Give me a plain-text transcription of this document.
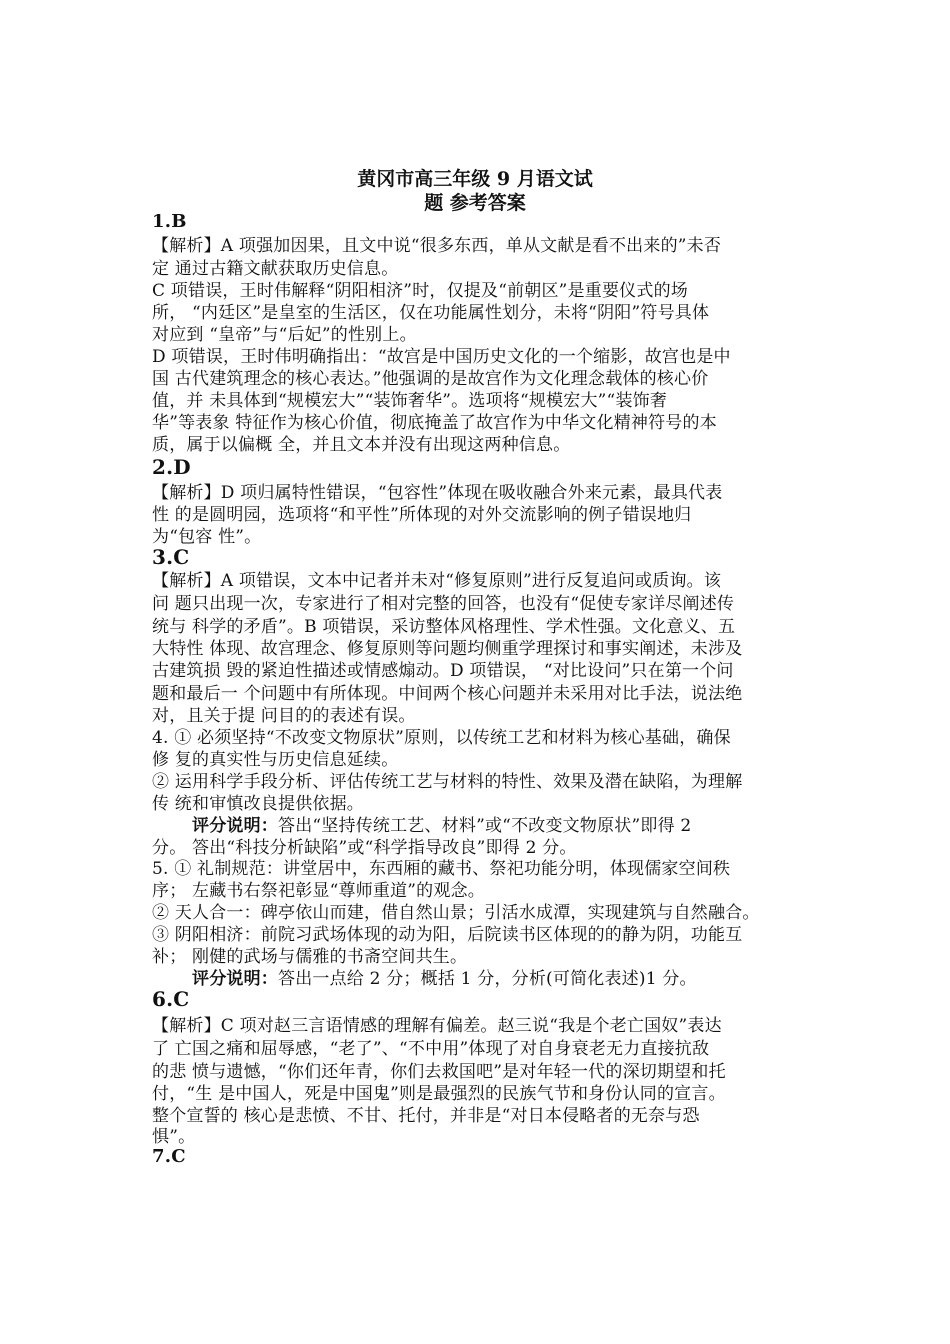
黄冈市高三年级 9 月语文试
题 参考答案
1.B
【解析】A 项强加因果，且文中说“很多东西，单从文献是看不出来的”未否
定 通过古籍文献获取历史信息。
C 项错误，王时伟解释“阴阳相济”时，仅提及“前朝区”是重要仪式的场
所， “内廷区”是皇室的生活区，仅在功能属性划分，未将“阴阳”符号具体
对应到 “皇帝”与“后妃”的性别上。
D 项错误，王时伟明确指出：“故宫是中国历史文化的一个缩影，故宫也是中
国 古代建筑理念的核心表达。”他强调的是故宫作为文化理念载体的核心价
值，并 未具体到“规模宏大”“装饰奢华”。选项将“规模宏大”“装饰奢
华”等表象 特征作为核心价值，彻底掩盖了故宫作为中华文化精神符号的本
质，属于以偏概 全，并且文本并没有出现这两种信息。
2.D
【解析】D 项归属特性错误，“包容性”体现在吸收融合外来元素，最具代表
性 的是圆明园，选项将“和平性”所体现的对外交流影响的例子错误地归
为“包容 性”。
3.C
【解析】A 项错误，文本中记者并未对“修复原则”进行反复追问或质询。该
问 题只出现一次，专家进行了相对完整的回答，也没有“促使专家详尽阐述传
统与 科学的矛盾”。B 项错误，采访整体风格理性、学术性强。文化意义、五
大特性 体现、故宫理念、修复原则等问题均侧重学理探讨和事实阐述，未涉及
古建筑损 毁的紧迫性描述或情感煽动。D 项错误， “对比设问”只在第一个问
题和最后一 个问题中有所体现。中间两个核心问题并未采用对比手法，说法绝
对，且关于提 问目的的表述有误。
4. ① 必须坚持“不改变文物原状”原则，以传统工艺和材料为核心基础，确保
修 复的真实性与历史信息延续。
② 运用科学手段分析、评估传统工艺与材料的特性、效果及潜在缺陷，为理解
传 统和审慎改良提供依据。
评分说明：答出“坚持传统工艺、材料”或“不改变文物原状”即得 2
分。 答出“科技分析缺陷”或“科学指导改良”即得 2 分。
5. ① 礼制规范：讲堂居中，东西厢的藏书、祭祀功能分明，体现儒家空间秩
序； 左藏书右祭祀彰显“尊师重道”的观念。
② 天人合一：碑亭依山而建，借自然山景；引活水成潭，实现建筑与自然融合。
③ 阴阳相济：前院习武场体现的动为阳，后院读书区体现的的静为阴，功能互
补； 刚健的武场与儒雅的书斋空间共生。
评分说明：答出一点给 2 分；概括 1 分，分析(可简化表述)1 分。
6.C
【解析】C 项对赵三言语情感的理解有偏差。赵三说“我是个老亡国奴”表达
了 亡国之痛和屈辱感，“老了”、“不中用”体现了对自身衰老无力直接抗敌
的悲 愤与遗憾，“你们还年青，你们去救国吧”是对年轻一代的深切期望和托
付，“生 是中国人，死是中国鬼”则是最强烈的民族气节和身份认同的宣言。
整个宣誓的 核心是悲愤、不甘、托付，并非是“对日本侵略者的无奈与恐
惧”。
7.C
